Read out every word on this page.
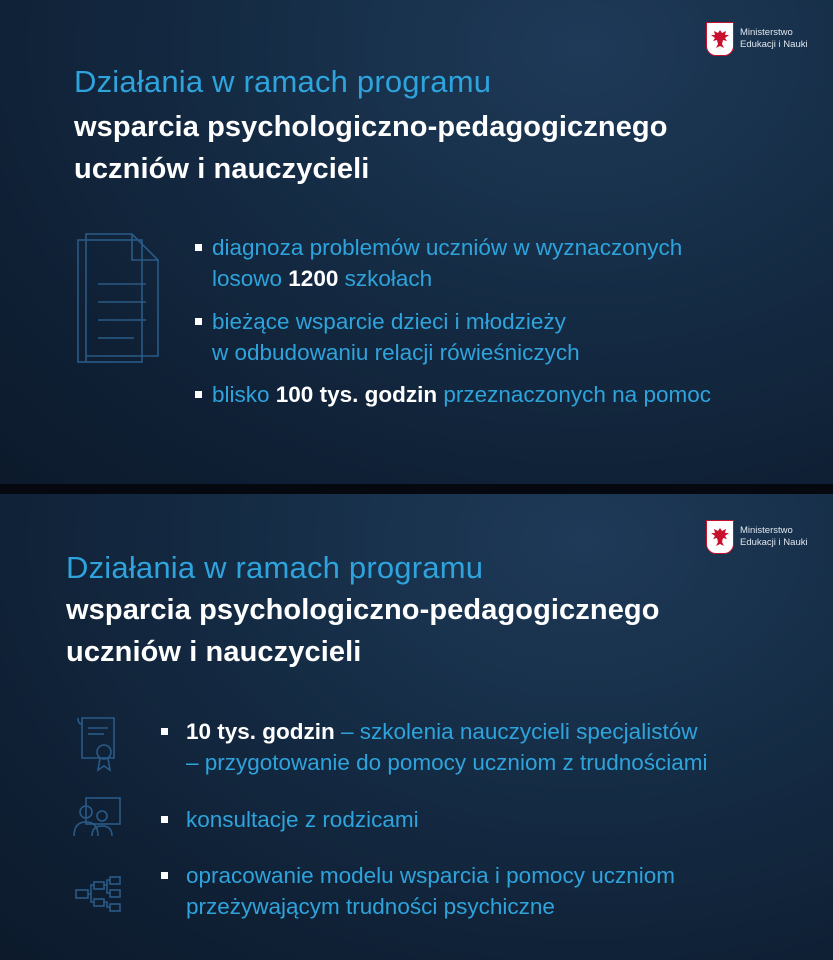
Ministerstwo
Edukacji i Nauki
Działania w ramach programu
wsparcia psychologiczno-pedagogicznego
uczniów i nauczycieli
diagnoza problemów uczniów w wyznaczonych
losowo 1200 szkołach
bieżące wsparcie dzieci i młodzieży
w odbudowaniu relacji rówieśniczych
blisko 100 tys. godzin przeznaczonych na pomoc
Ministerstwo
Edukacji i Nauki
Działania w ramach programu
wsparcia psychologiczno-pedagogicznego
uczniów i nauczycieli
10 tys. godzin – szkolenia nauczycieli specjalistów
– przygotowanie do pomocy uczniom z trudnościami
konsultacje z rodzicami
opracowanie modelu wsparcia i pomocy uczniom
przeżywającym trudności psychiczne
